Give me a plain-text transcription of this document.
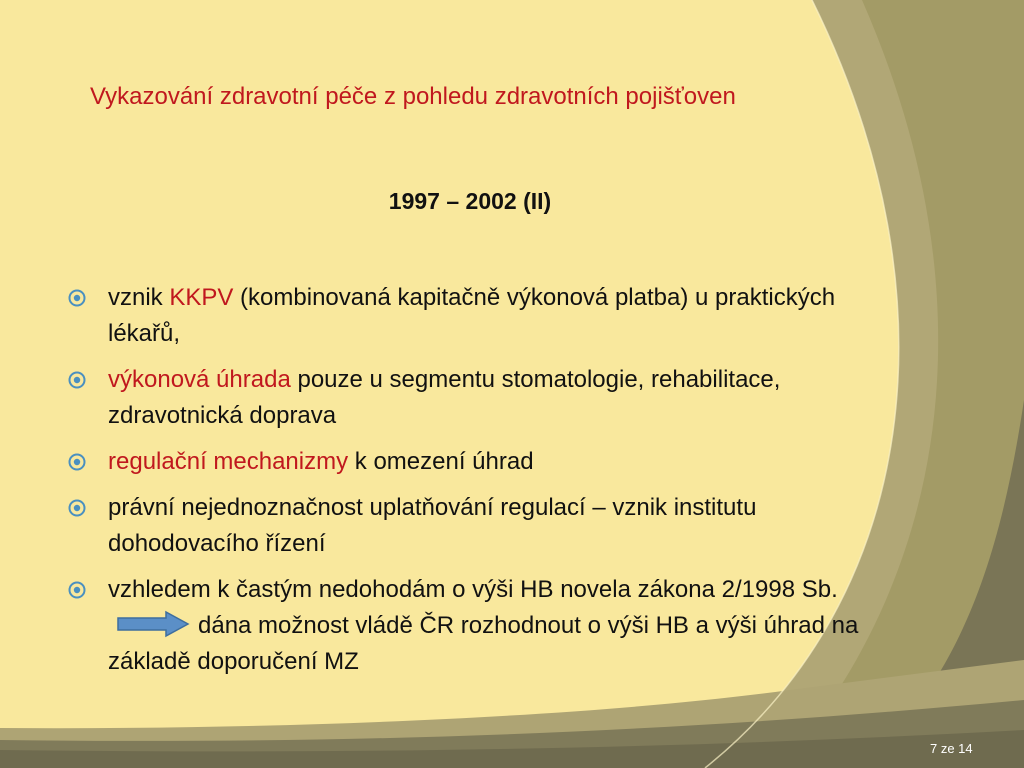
Vykazování zdravotní péče z pohledu zdravotních pojišťoven
1997 – 2002 (II)
vznik KKPV (kombinovaná kapitačně výkonová platba) u praktických lékařů,
výkonová úhrada pouze u segmentu stomatologie, rehabilitace, zdravotnická doprava
regulační mechanizmy k omezení úhrad
právní nejednoznačnost uplatňování regulací – vznik institutu dohodovacího řízení
vzhledem k častým nedohodám o výši HB novela zákona 2/1998 Sb.dána možnost vládě ČR rozhodnout o výši HB a výši úhrad na základě doporučení MZ
7 ze 14
